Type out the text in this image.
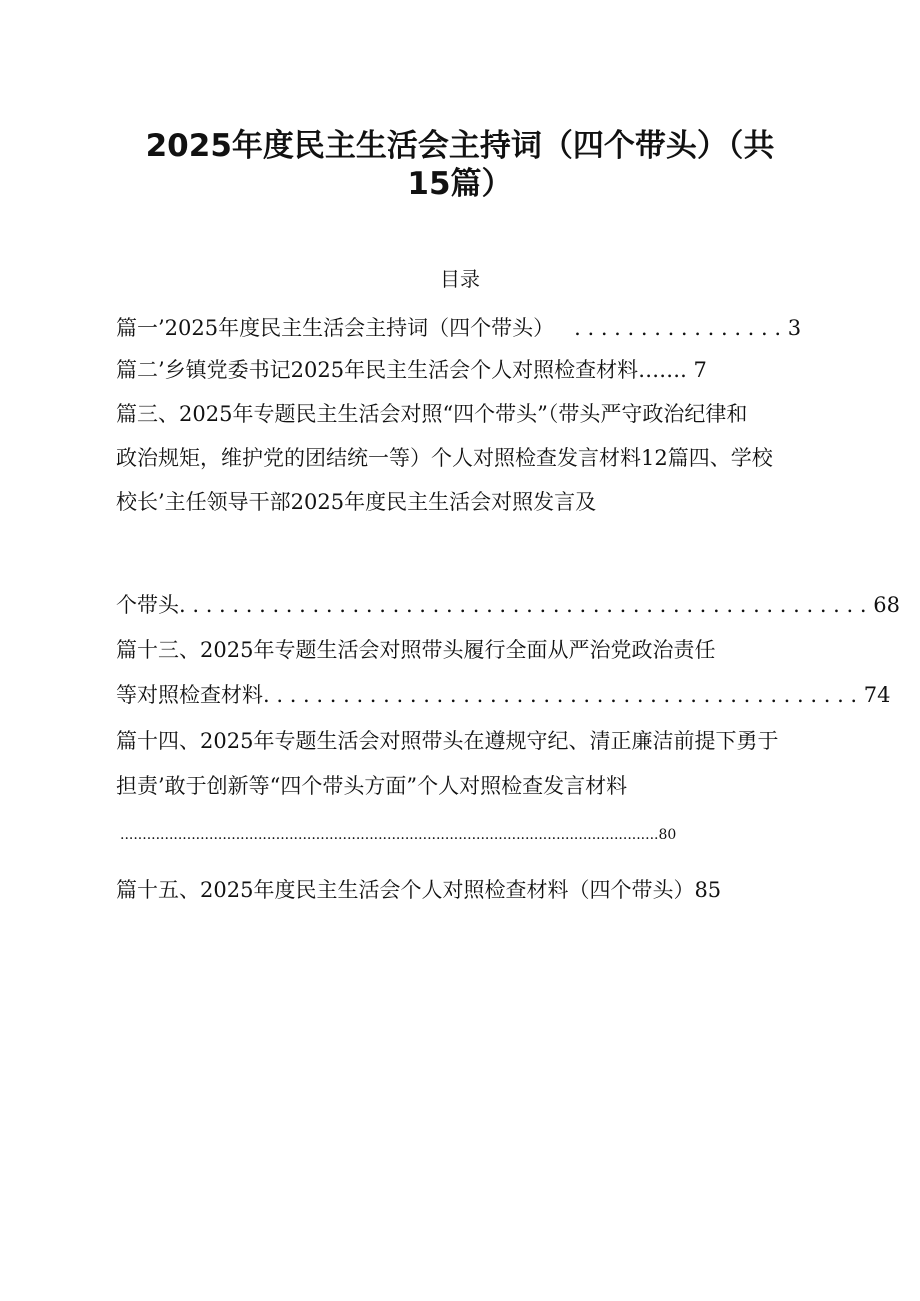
2025年度民主生活会主持词（四个带头）（共
15篇）
目录
篇一’2025年度民主生活会主持词（四个带头） . . . . . . . . . . . . . . . . 3
篇二’乡镇党委书记2025年民主生活会个人对照检查材料……. 7
篇三、2025年专题民主生活会对照“四个带头”（带头严守政治纪律和
政治规矩，维护党的团结统一等）个人对照检查发言材料12篇四、学校
校长’主任领导干部2025年度民主生活会对照发言及
个带头 . . . . . . . . . . . . . . . . . . . . . . . . . . . . . . . . . . . . . . . . . . . . . . . . . . . . 68
篇十三、2025年专题生活会对照带头履行全面从严治党政治责任
等对照检查材料 . . . . . . . . . . . . . . . . . . . . . . . . . . . . . . . . . . . . . . . . . . . . . 74
篇十四、2025年专题生活会对照带头在遵规守纪、清正廉洁前提下勇于
担责’敢于创新等“四个带头方面”个人对照检查发言材料
.........................................................................................................................80
篇十五、2025年度民主生活会个人对照检查材料（四个带头）85
